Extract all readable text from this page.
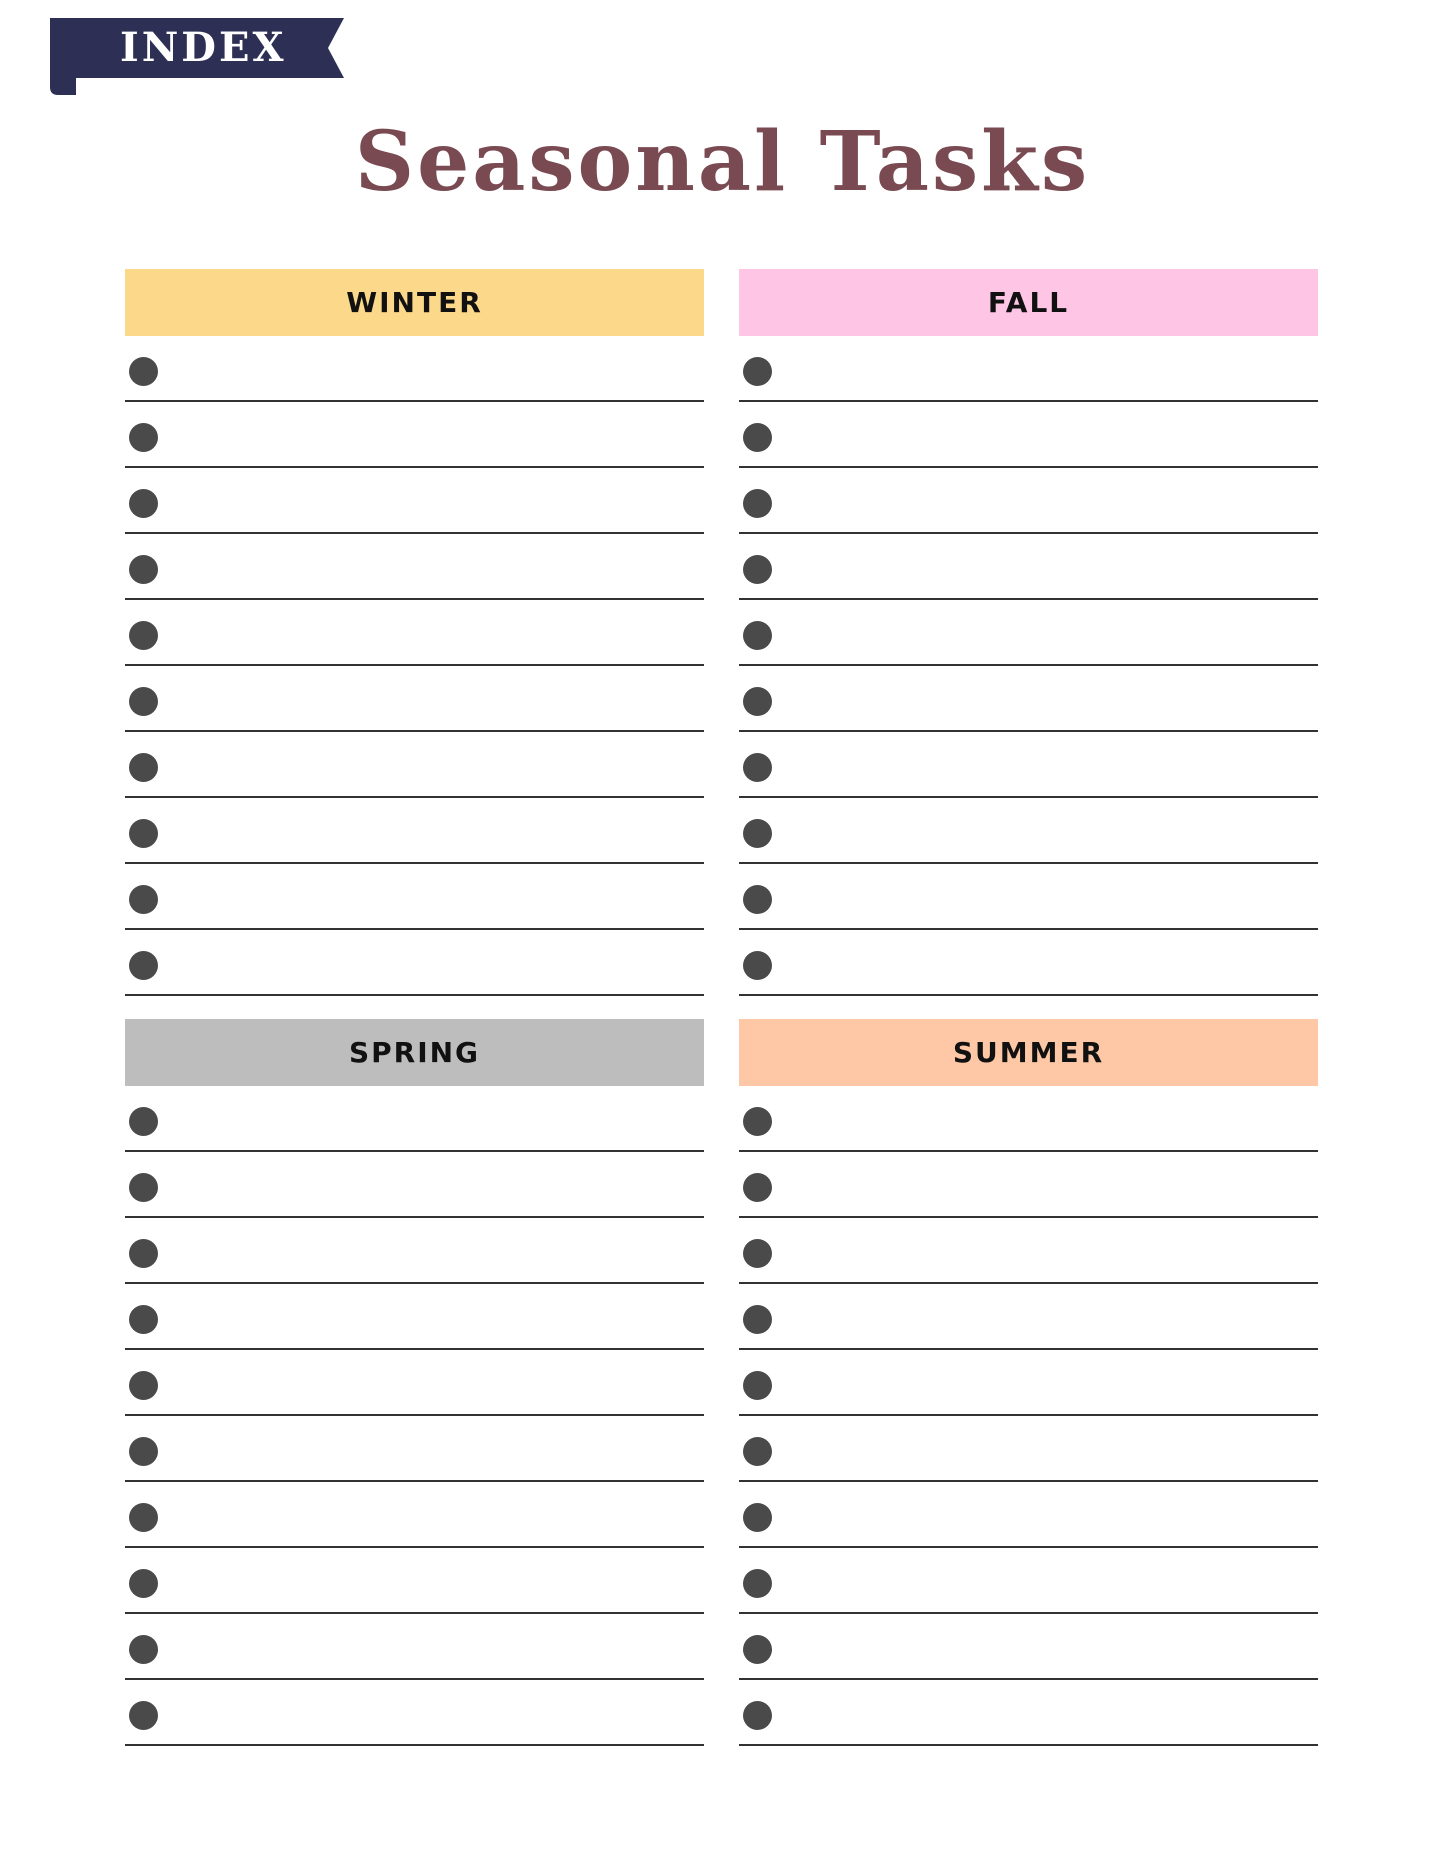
INDEX
Seasonal Tasks
WINTER	FALL
SPRING	SUMMER
